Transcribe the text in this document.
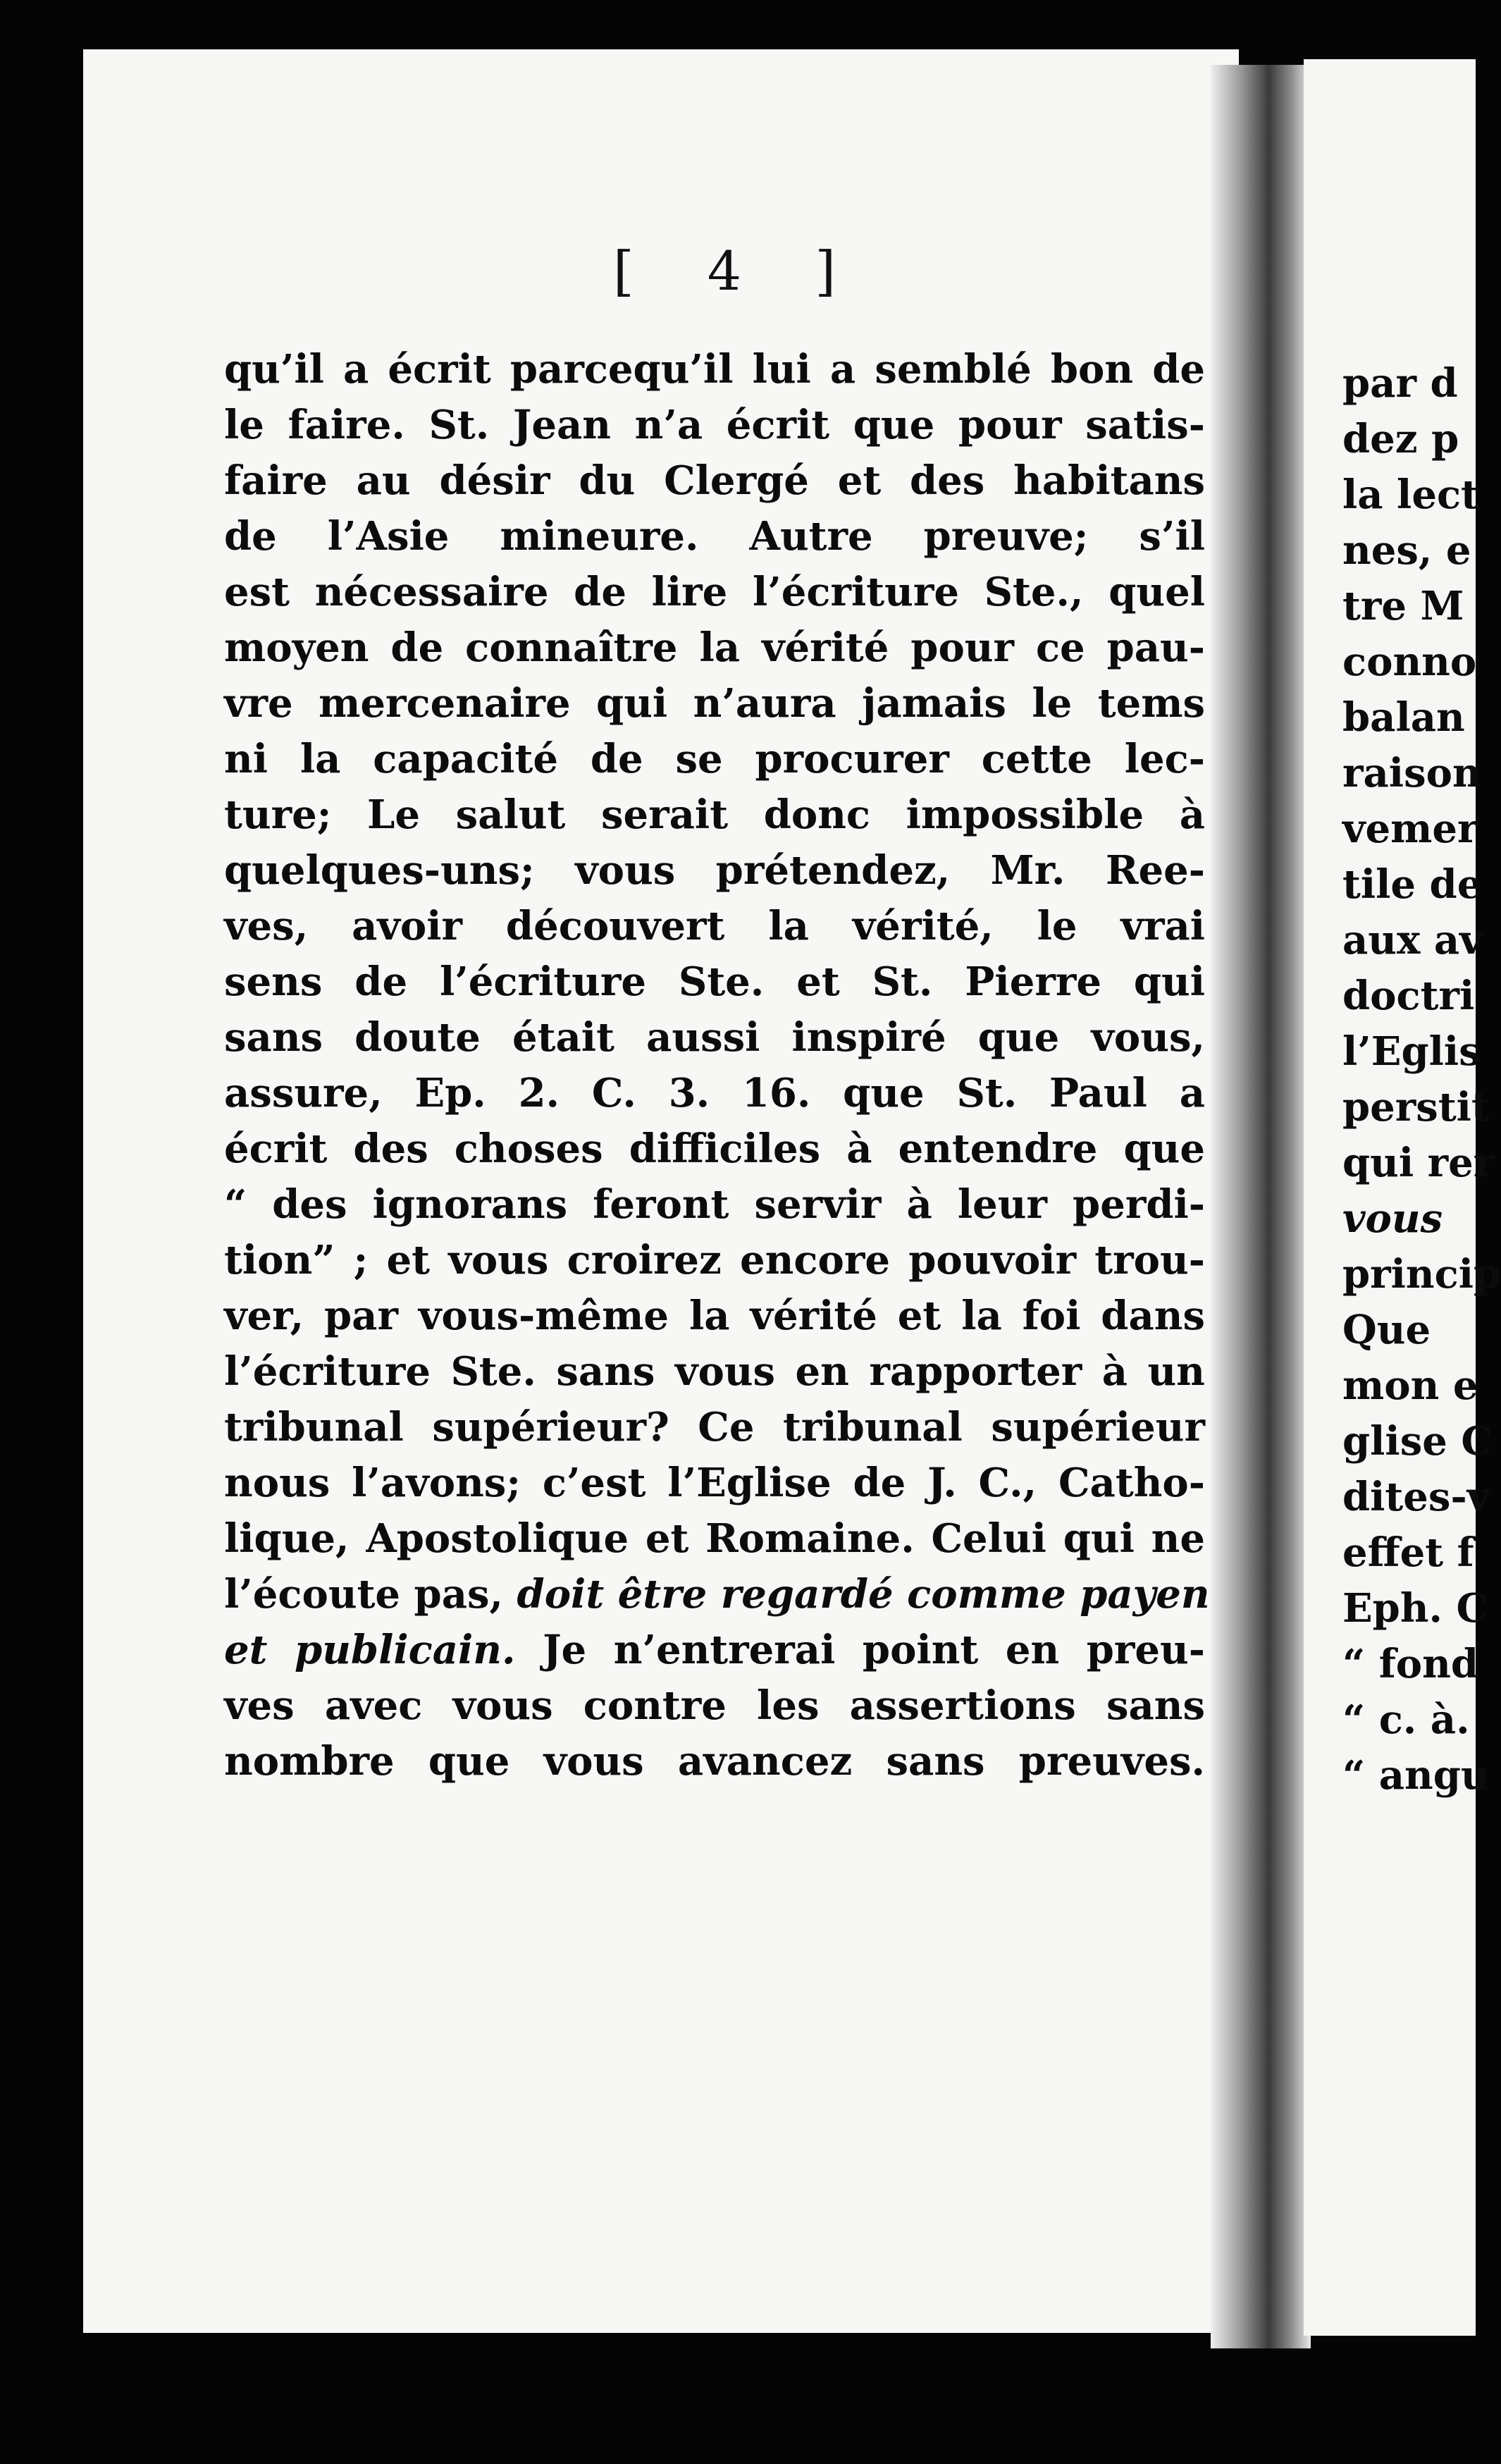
[ 4 ]
qu’il a écrit parcequ’il lui a semblé bon de
le faire. St. Jean n’a écrit que pour satis-
faire au désir du Clergé et des habitans
de l’Asie mineure. Autre preuve; s’il
est nécessaire de lire l’écriture Ste., quel
moyen de connaître la vérité pour ce pau-
vre mercenaire qui n’aura jamais le tems
ni la capacité de se procurer cette lec-
ture; Le salut serait donc impossible à
quelques-uns; vous prétendez, Mr. Ree-
ves, avoir découvert la vérité, le vrai
sens de l’écriture Ste. et St. Pierre qui
sans doute était aussi inspiré que vous,
assure, Ep. 2. C. 3. 16. que St. Paul a
écrit des choses difficiles à entendre que
“ des ignorans feront servir à leur perdi-
tion” ; et vous croirez encore pouvoir trou-
ver, par vous-même la vérité et la foi dans
l’écriture Ste. sans vous en rapporter à un
tribunal supérieur? Ce tribunal supérieur
nous l’avons; c’est l’Eglise de J. C., Catho-
lique, Apostolique et Romaine. Celui qui ne
l’écoute pas, doit être regardé comme payen
et publicain. Je n’entrerai point en preu-
ves avec vous contre les assertions sans
nombre que vous avancez sans preuves.
par d
dez p
la lect
nes, e
tre M
conno
balan
raison
vemer
tile de
aux av
doctri
l’Eglis
perstit
qui rer
vous
princip
Que
mon e
glise C
dites-v
effet f
Eph. C
“ fond
“ c. à.
“ angu
